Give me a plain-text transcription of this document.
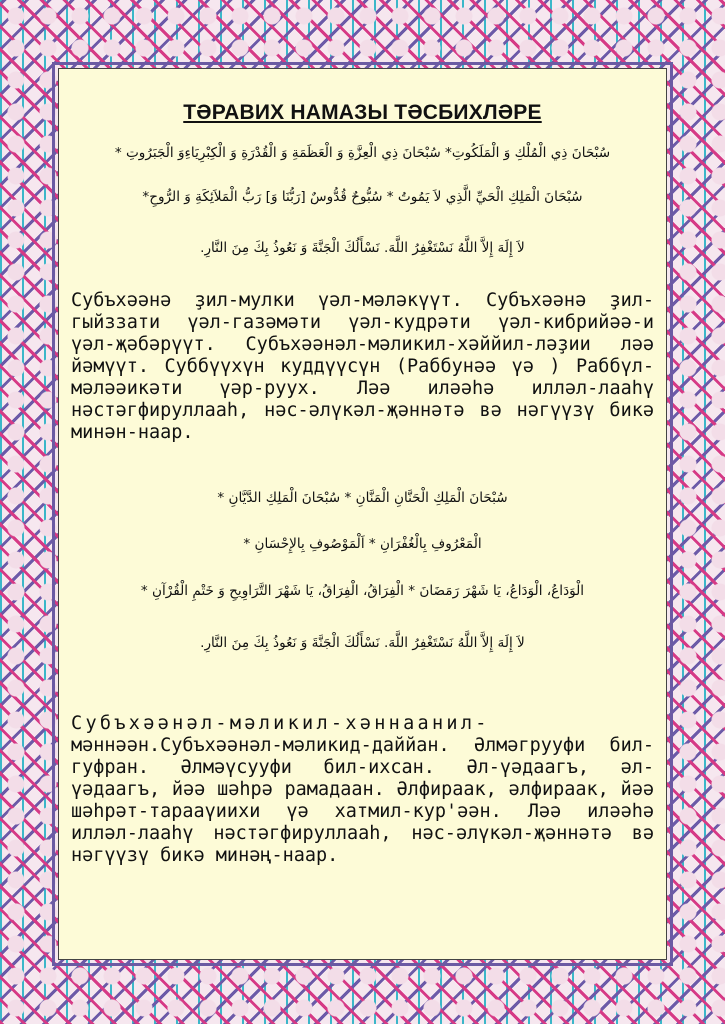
ТӘРАВИХ НАМАЗЫ ТӘСБИХЛӘРЕ

سُبْحَانَ ذِي الْمُلْكِ وَ الْمَلَكُوتِ* سُبْحَانَ ذِي الْعِزَّةِ وَ الْعَظَمَةِ وَ الْقُدْرَةِ وَ الْكِبْرِيَاءِوَ الْجَبَرُوتِ *

سُبْحَانَ الْمَلِكِ الْحَيِّ الَّذِي لاَ يَمُوتُ * سُبُّوحٌ قُدُّوسٌ [رَبُّنَا وَ] رَبُّ الْمَلاَئِكَةِ وَ الرُّوحِ*

لاَ إِلَهَ إِلاَّ اللَّهُ نَسْتَغْفِرُ اللَّهَ. نَسْأَلُكَ الْجَنَّةَ وَ نَعُوذُ بِكَ مِنَ النَّارِ.

Субъхәәнә ҙил-мулки үәл-мәләкүүт. Субъхәәнә ҙил-гыйззати үәл-газәмәти үәл-кудрәти үәл-кибрийәә-и үәл-җәбәрүүт. Субъхәәнәл-мәликил-хәййил-ләҙии ләә йәмүүт. Суббүүхүн куддүүсүн (Раббунәә үә ) Раббүл-мәләәикәти үәр-руух. Ләә иләәһә илләл-лааһү нәстәгфируллааһ, нәс-әлүкәл-җәннәтә вә нәгүүзү бикә минән-наар.

سُبْحَانَ الْمَلِكِ الْحَنَّانِ الْمَنَّانِ * سُبْحَانَ الْمَلِكِ الدَّيَّانِ *

الْمَعْرُوفِ بِالْغُفْرَانِ * اَلْمَوْصُوفِ بِالإِحْسَانِ *

الْوَدَاعُ، الْوَدَاعُ، يَا شَهْرَ رَمَضَانَ * الْفِرَاقُ، الْفِرَاقُ، يَا شَهْرَ التَّرَاوِيحِ وَ خَتْمِ الْقُرْآنِ *

لاَ إِلَهَ إِلاَّ اللَّهُ نَسْتَغْفِرُ اللَّهَ. نَسْأَلُكَ الْجَنَّةَ وَ نَعُوذُ بِكَ مِنَ النَّارِ.

Субъхәәнәл-мәликил-хәннаанил-мәннәән.Субъхәәнәл-мәликид-даййан. Әлмәгрууфи бил-гуфран. Әлмәүсууфи бил-ихсан. Әл-үәдаагъ, әл-үәдаагъ, йәә шәһрә рамадаан. Әлфираак, әлфираак, йәә шәһрәт-тарааүиихи үә хатмил-кур'әән. Ләә иләәһә илләл-лааһү нәстәгфируллааһ, нәс-әлүкәл-җәннәтә вә нәгүүзү бикә минәң-наар.
